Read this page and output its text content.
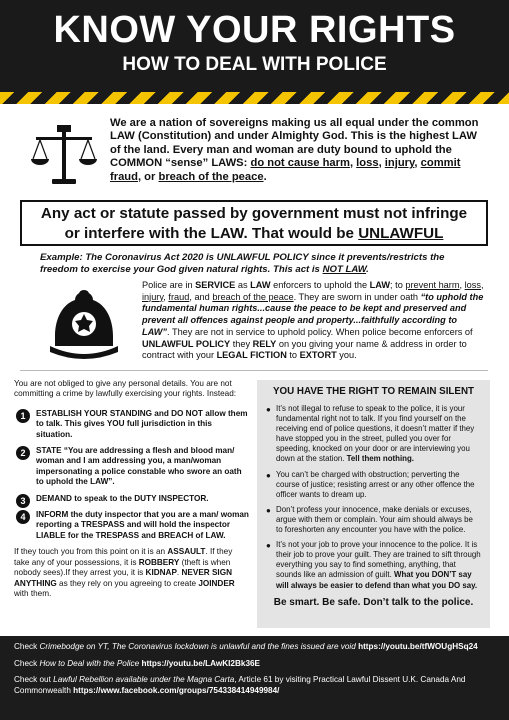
KNOW YOUR RIGHTS
HOW TO DEAL WITH POLICE
We are a nation of sovereigns making us all equal under the common LAW (Constitution) and under Almighty God. This is the highest LAW of the land. Every man and woman are duty bound to uphold the COMMON “sense” LAWS: do not cause harm, loss, injury, commit fraud, or breach of the peace.
Any act or statute passed by government must not infringe
or interfere with the LAW. That would be UNLAWFUL
Example: The Coronavirus Act 2020 is UNLAWFUL POLICY since it prevents/restricts the freedom to exercise your God given natural rights. This act is NOT LAW.
Police are in SERVICE as LAW enforcers to uphold the LAW; to prevent harm, loss, injury, fraud, and breach of the peace. They are sworn in under oath “to uphold the fundamental human rights...cause the peace to be kept and preserved and prevent all offences against people and property...faithfully according to LAW”. They are not in service to uphold policy. When police become enforcers of UNLAWFUL POLICY they RELY on you giving your name & address in order to contract with your LEGAL FICTION to EXTORT you.
You are not obliged to give any personal details. You are not committing a crime by lawfully exercising your rights. Instead:
1	ESTABLISH YOUR STANDING and DO NOT allow them to talk. This gives YOU full jurisdiction in this situation.
2	STATE “You are addressing a flesh and blood man/ woman and I am addressing you, a man/woman impersonating a police constable who swore an oath to uphold the LAW”.
3	DEMAND to speak to the DUTY INSPECTOR.
4	INFORM the duty inspector that you are a man/ woman reporting a TRESPASS and will hold the inspector LIABLE for the TRESPASS and BREACH of LAW.
If they touch you from this point on it is an ASSAULT. If they take any of your possessions, it is ROBBERY (theft is when nobody sees).If they arrest you, it is KIDNAP. NEVER SIGN ANYTHING as they rely on you agreeing to create JOINDER with them.
YOU HAVE THE RIGHT TO REMAIN SILENT
● It’s not illegal to refuse to speak to the police, it is your fundamental right not to talk. If you find yourself on the receiving end of police questions, it doesn’t matter if they have stopped you in the street, pulled you over for speeding, knocked on your door or are interviewing you down at the station. Tell them nothing.
● You can’t be charged with obstruction; perverting the course of justice; resisting arrest or any other offence the officer wants to dream up.
● Don’t profess your innocence, make denials or excuses, argue with them or complain. Your aim should always be to foreshorten any encounter you have with the police.
● It’s not your job to prove your innocence to the police. It is their job to prove your guilt. They are trained to sift through everything you say to find something, anything, that sounds like an admission of guilt. What you DON’T say will always be easier to defend than what you DO say.
Be smart. Be safe. Don’t talk to the police.

Check Crimebodge on YT, The Coronavirus lockdown is unlawful and the fines issued are void https://youtu.be/tfWOUgHSq24

Check How to Deal with the Police https://youtu.be/LAwKI2Bk36E

Check out Lawful Rebellion available under the Magna Carta, Article 61 by visiting Practical Lawful Dissent U.K. Canada And Commonwealth https://www.facebook.com/groups/754338414949984/
